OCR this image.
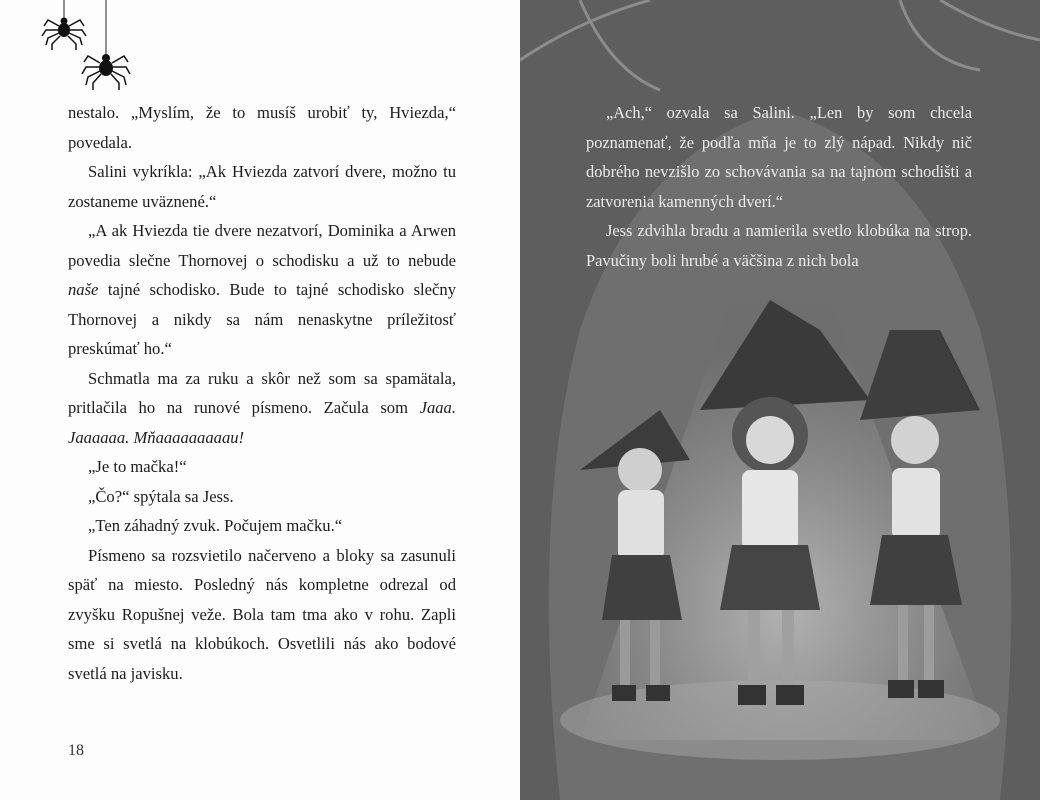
nestalo. „Myslím, že to musíš urobiť ty, Hviezda,“ povedala.

Salini vykríkla: „Ak Hviezda zatvorí dvere, možno tu zostaneme uväznené.“

„A ak Hviezda tie dvere nezatvorí, Dominika a Arwen povedia slečne Thornovej o schodisku a už to nebude naše tajné schodisko. Bude to tajné schodisko slečny Thornovej a nikdy sa nám nenaskytne príležitosť preskúmať ho.“

Schmatla ma za ruku a skôr než som sa spamätala, pritlačila ho na runové písmeno. Začula som Jaaa. Jaaaaaa. Mňaaaaaaaaau!

„Je to mačka!“

„Čo?“ spýtala sa Jess.

„Ten záhadný zvuk. Počujem mačku.“

Písmeno sa rozsvietilo načerveno a bloky sa zasunuli späť na miesto. Posledný nás kompletne odrezal od zvyšku Ropušnej veže. Bola tam tma ako v rohu. Zapli sme si svetlá na klobúkoch. Osvetlili nás ako bodové svetlá na javisku.

18

„Ach,“ ozvala sa Salini. „Len by som chcela poznamenať, že podľa mňa je to zlý nápad. Nikdy nič dobrého nevzišlo zo schovávania sa na tajnom schodišti a zatvorenia kamenných dverí.“

Jess zdvihla bradu a namierila svetlo klobúka na strop. Pavučiny boli hrubé a väčšina z nich bola
